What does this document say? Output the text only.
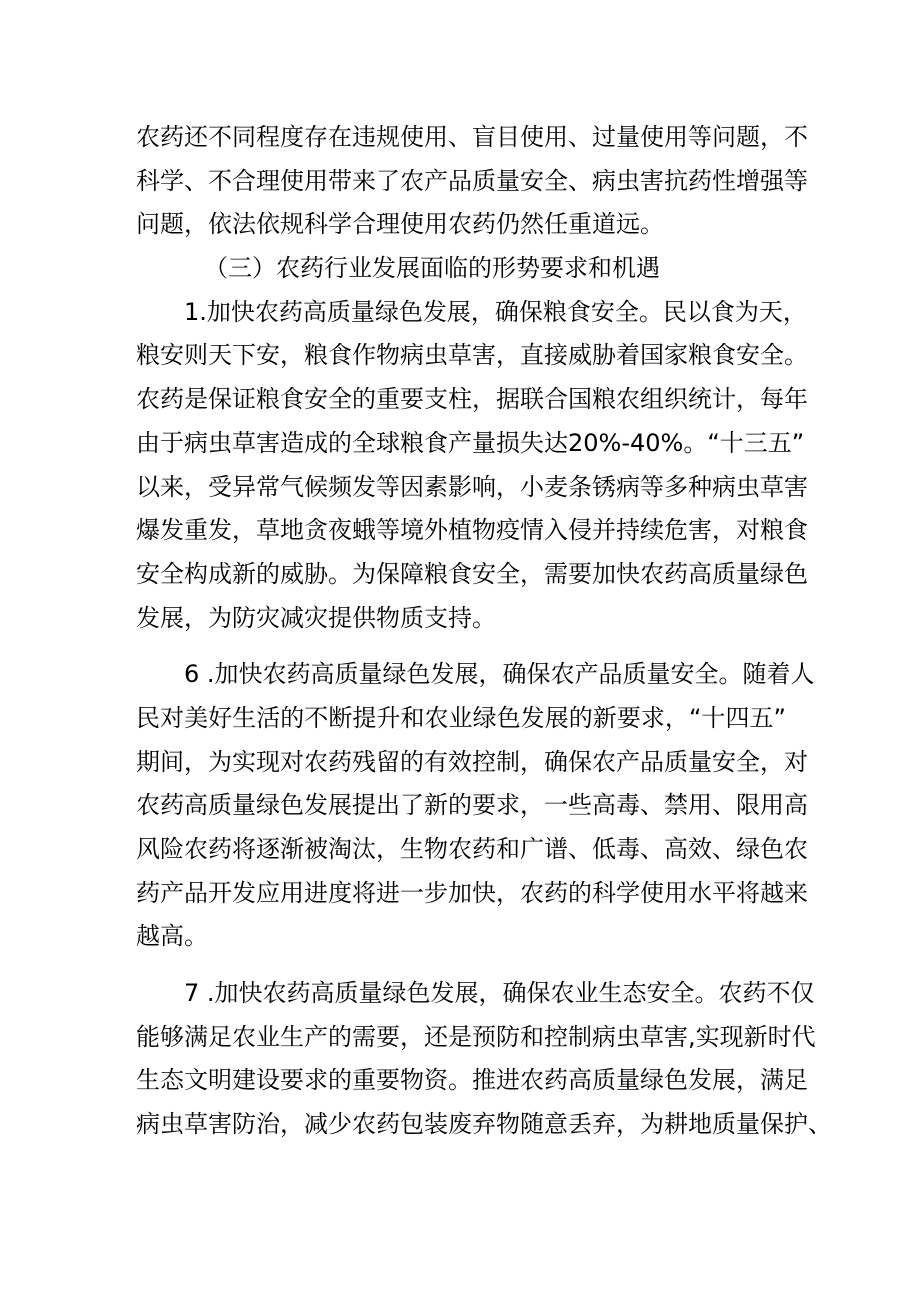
农药还不同程度存在违规使用、盲目使用、过量使用等问题，不
科学、不合理使用带来了农产品质量安全、病虫害抗药性增强等
问题，依法依规科学合理使用农药仍然任重道远。
（三）农药行业发展面临的形势要求和机遇
1.加快农药高质量绿色发展，确保粮食安全。民以食为天，
粮安则天下安，粮食作物病虫草害，直接威胁着国家粮食安全。
农药是保证粮食安全的重要支柱，据联合国粮农组织统计，每年
由于病虫草害造成的全球粮食产量损失达20%-40%。“十三五”
以来，受异常气候频发等因素影响，小麦条锈病等多种病虫草害
爆发重发，草地贪夜蛾等境外植物疫情入侵并持续危害，对粮食
安全构成新的威胁。为保障粮食安全，需要加快农药高质量绿色
发展，为防灾减灾提供物质支持。
6 .加快农药高质量绿色发展，确保农产品质量安全。随着人
民对美好生活的不断提升和农业绿色发展的新要求，“十四五”
期间，为实现对农药残留的有效控制，确保农产品质量安全，对
农药高质量绿色发展提出了新的要求，一些高毒、禁用、限用高
风险农药将逐渐被淘汰，生物农药和广谱、低毒、高效、绿色农
药产品开发应用进度将进一步加快，农药的科学使用水平将越来
越高。
7 .加快农药高质量绿色发展，确保农业生态安全。农药不仅
能够满足农业生产的需要，还是预防和控制病虫草害,实现新时代
生态文明建设要求的重要物资。推进农药高质量绿色发展，满足
病虫草害防治，减少农药包装废弃物随意丢弃，为耕地质量保护、
